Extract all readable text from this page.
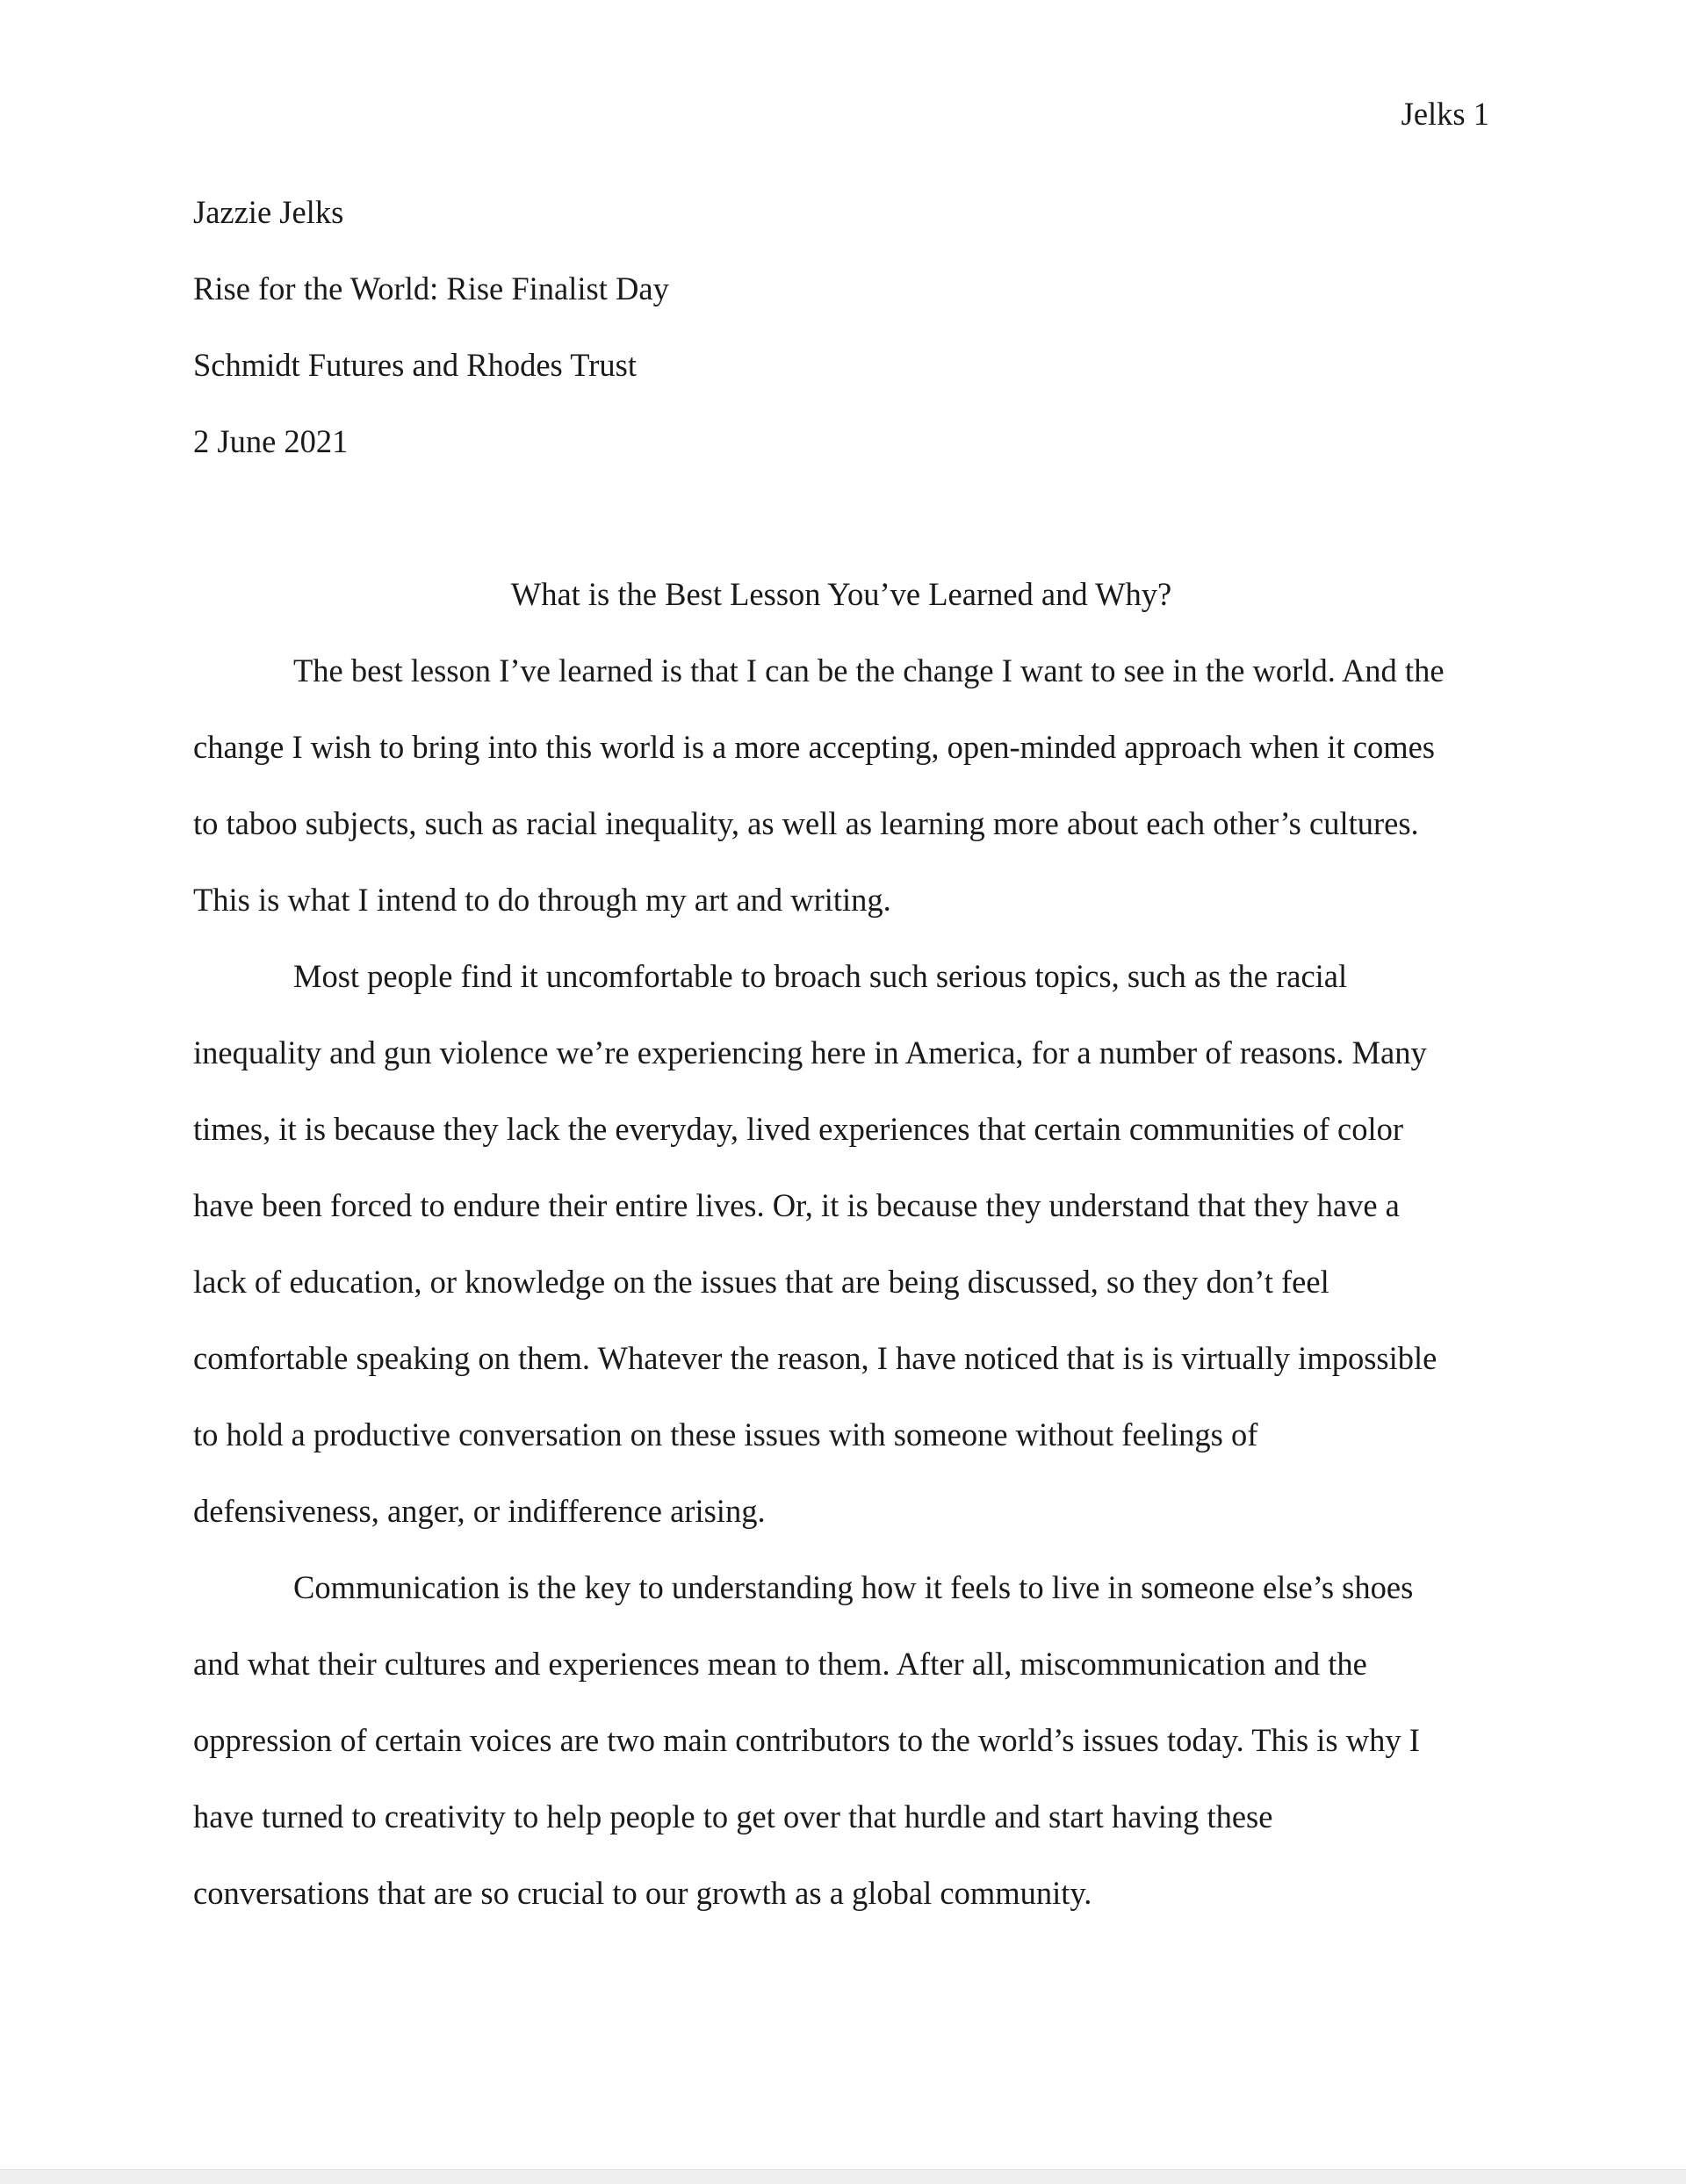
Jelks 1
Jazzie Jelks
Rise for the World: Rise Finalist Day
Schmidt Futures and Rhodes Trust
2 June 2021
What is the Best Lesson You’ve Learned and Why?
The best lesson I’ve learned is that I can be the change I want to see in the world. And the
change I wish to bring into this world is a more accepting, open-minded approach when it comes
to taboo subjects, such as racial inequality, as well as learning more about each other’s cultures.
This is what I intend to do through my art and writing.
Most people find it uncomfortable to broach such serious topics, such as the racial
inequality and gun violence we’re experiencing here in America, for a number of reasons. Many
times, it is because they lack the everyday, lived experiences that certain communities of color
have been forced to endure their entire lives. Or, it is because they understand that they have a
lack of education, or knowledge on the issues that are being discussed, so they don’t feel
comfortable speaking on them. Whatever the reason, I have noticed that is is virtually impossible
to hold a productive conversation on these issues with someone without feelings of
defensiveness, anger, or indifference arising.
Communication is the key to understanding how it feels to live in someone else’s shoes
and what their cultures and experiences mean to them. After all, miscommunication and the
oppression of certain voices are two main contributors to the world’s issues today. This is why I
have turned to creativity to help people to get over that hurdle and start having these
conversations that are so crucial to our growth as a global community.
